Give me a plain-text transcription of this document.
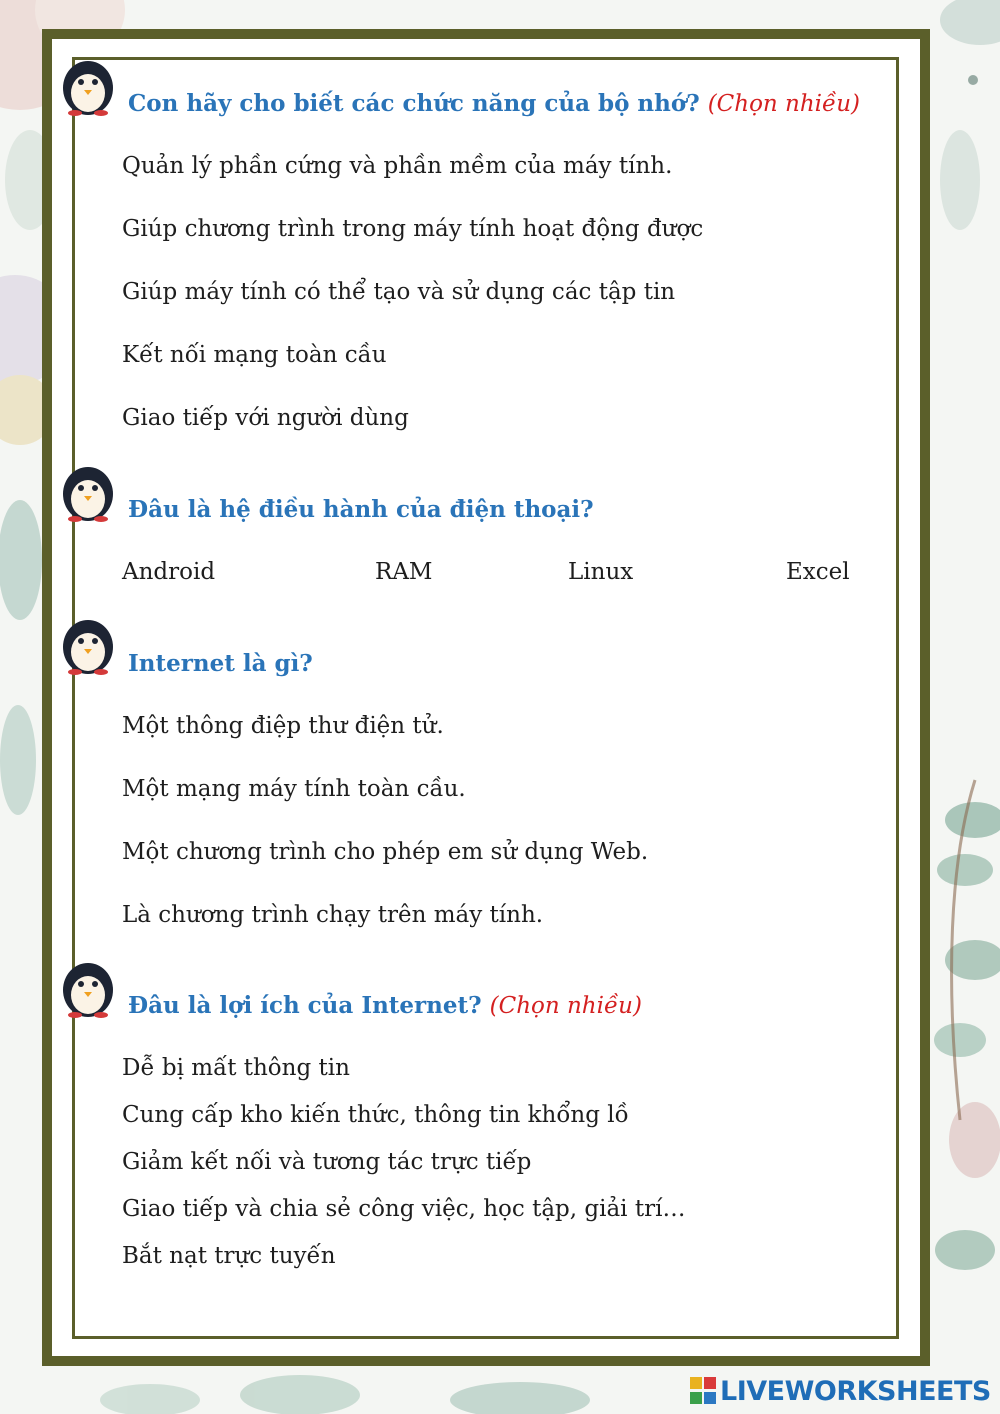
Con hãy cho biết các chức năng của bộ nhớ? (Chọn nhiều)
Quản lý phần cứng và phần mềm của máy tính.
Giúp chương trình trong máy tính hoạt động được
Giúp máy tính có thể tạo và sử dụng các tập tin
Kết nối mạng toàn cầu
Giao tiếp với người dùng
Đâu là hệ điều hành của điện thoại?
Android	RAM	Linux	Excel
Internet là gì?
Một thông điệp thư điện tử.
Một mạng máy tính toàn cầu.
Một chương trình cho phép em sử dụng Web.
Là chương trình chạy trên máy tính.
Đâu là lợi ích của Internet? (Chọn nhiều)
Dễ bị mất thông tin
Cung cấp kho kiến thức, thông tin khổng lồ
Giảm kết nối và tương tác trực tiếp
Giao tiếp và chia sẻ công việc, học tập, giải trí…
Bắt nạt trực tuyến
LIVEWORKSHEETS
